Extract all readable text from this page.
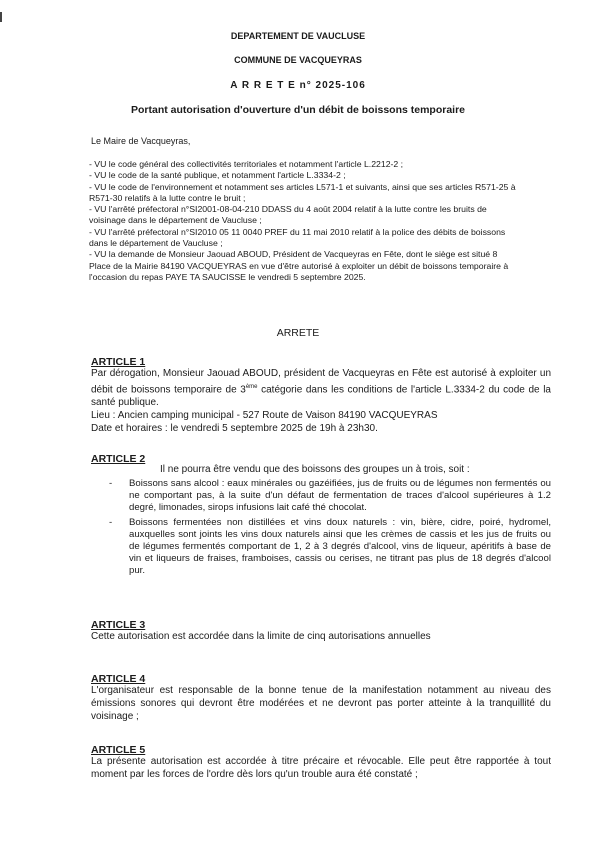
DEPARTEMENT DE VAUCLUSE
COMMUNE DE VACQUEYRAS
A R R E T E n° 2025-106
Portant autorisation d'ouverture d'un débit de boissons temporaire
Le Maire de Vacqueyras,
- VU le code général des collectivités territoriales et notamment l'article L.2212-2 ;
- VU le code de la santé publique, et notamment l'article L.3334-2 ;
- VU le code de l'environnement et notamment ses articles L571-1 et suivants, ainsi que ses articles R571-25 à R571-30 relatifs à la lutte contre le bruit ;
- VU l'arrêté préfectoral n°SI2001-08-04-210 DDASS du 4 août 2004 relatif à la lutte contre les bruits de voisinage dans le département de Vaucluse ;
- VU l'arrêté préfectoral n°SI2010 05 11 0040 PREF du 11 mai 2010 relatif à la police des débits de boissons dans le département de Vaucluse ;
- VU la demande de Monsieur Jaouad ABOUD, Président de Vacqueyras en Fête, dont le siège est situé 8 Place de la Mairie 84190 VACQUEYRAS en vue d'être autorisé à exploiter un débit de boissons temporaire à l'occasion du repas PAYE TA SAUCISSE le vendredi 5 septembre 2025.
ARRETE
ARTICLE 1

Par dérogation, Monsieur Jaouad ABOUD, président de Vacqueyras en Fête est autorisé à exploiter un débit de boissons temporaire de 3ème catégorie dans les conditions de l'article L.3334-2 du code de la santé publique.

Lieu : Ancien camping municipal - 527 Route de Vaison 84190 VACQUEYRAS

Date et horaires : le vendredi 5 septembre 2025 de 19h à 23h30.

ARTICLE 2
Il ne pourra être vendu que des boissons des groupes un à trois, soit :
- Boissons sans alcool : eaux minérales ou gazéifiées, jus de fruits ou de légumes non fermentés ou ne comportant pas, à la suite d'un défaut de fermentation de traces d'alcool supérieures à 1.2 degré, limonades, sirops infusions lait café thé chocolat.
- Boissons fermentées non distillées et vins doux naturels : vin, bière, cidre, poiré, hydromel, auxquelles sont joints les vins doux naturels ainsi que les crèmes de cassis et les jus de fruits ou de légumes fermentés comportant de 1, 2 à 3 degrés d'alcool, vins de liqueur, apéritifs à base de vin et liqueurs de fraises, framboises, cassis ou cerises, ne titrant pas plus de 18 degrés d'alcool pur.
ARTICLE 3
Cette autorisation est accordée dans la limite de cinq autorisations annuelles
ARTICLE 4
L'organisateur est responsable de la bonne tenue de la manifestation notamment au niveau des émissions sonores qui devront être modérées et ne devront pas porter atteinte à la tranquillité du voisinage ;
ARTICLE 5
La présente autorisation est accordée à titre précaire et révocable. Elle peut être rapportée à tout moment par les forces de l'ordre dès lors qu'un trouble aura été constaté ;
